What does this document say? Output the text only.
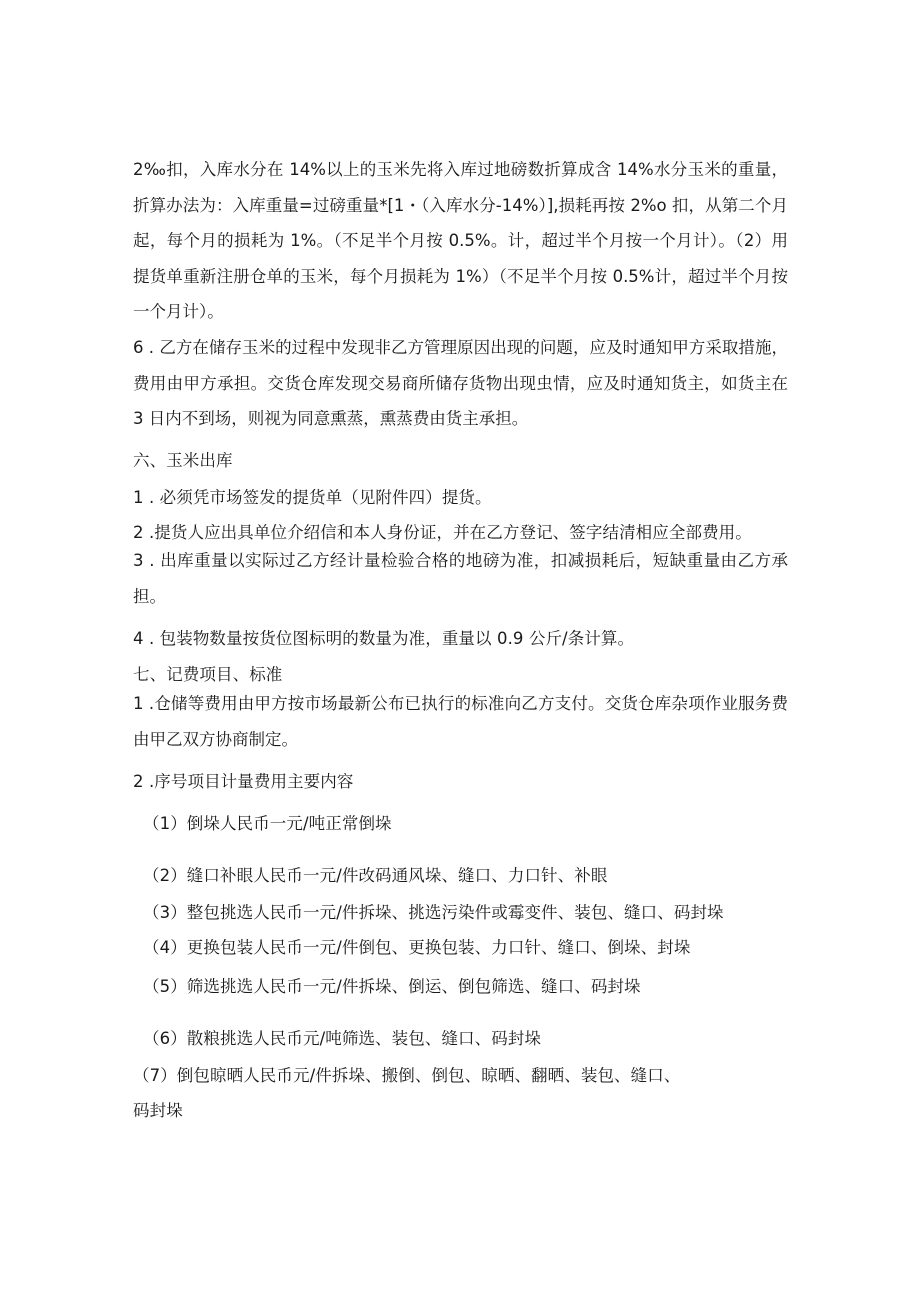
2‰扣，入库水分在 14%以上的玉米先将入库过地磅数折算成含 14%水分玉米的重量，折算办法为：入库重量=过磅重量*[1・（入库水分-14%）],损耗再按 2%o 扣，从第二个月起，每个月的损耗为 1%。（不足半个月按 0.5%。计，超过半个月按一个月计）。（2）用提货单重新注册仓单的玉米，每个月损耗为 1%）（不足半个月按 0.5%计，超过半个月按一个月计）。
6 . 乙方在储存玉米的过程中发现非乙方管理原因出现的问题，应及时通知甲方采取措施，费用由甲方承担。交货仓库发现交易商所储存货物出现虫情，应及时通知货主，如货主在 3 日内不到场，则视为同意熏蒸，熏蒸费由货主承担。
六、玉米出库
1 . 必须凭市场签发的提货单（见附件四）提货。
2 .提货人应出具单位介绍信和本人身份证，并在乙方登记、签字结清相应全部费用。
3 . 出库重量以实际过乙方经计量检验合格的地磅为准，扣减损耗后，短缺重量由乙方承担。
4 . 包装物数量按货位图标明的数量为准，重量以 0.9 公斤/条计算。
七、记费项目、标准
1 .仓储等费用由甲方按市场最新公布已执行的标准向乙方支付。交货仓库杂项作业服务费由甲乙双方协商制定。
2 .序号项目计量费用主要内容
（1）倒垛人民币一元/吨正常倒垛
（2）缝口补眼人民币一元/件改码通风垛、缝口、力口针、补眼
（3）整包挑选人民币一元/件拆垛、挑选污染件或霉变件、装包、缝口、码封垛
（4）更换包装人民币一元/件倒包、更换包装、力口针、缝口、倒垛、封垛
（5）筛选挑选人民币一元/件拆垛、倒运、倒包筛选、缝口、码封垛
（6）散粮挑选人民币元/吨筛选、装包、缝口、码封垛
（7）倒包晾晒人民币元/件拆垛、搬倒、倒包、晾晒、翻晒、装包、缝口、
码封垛
